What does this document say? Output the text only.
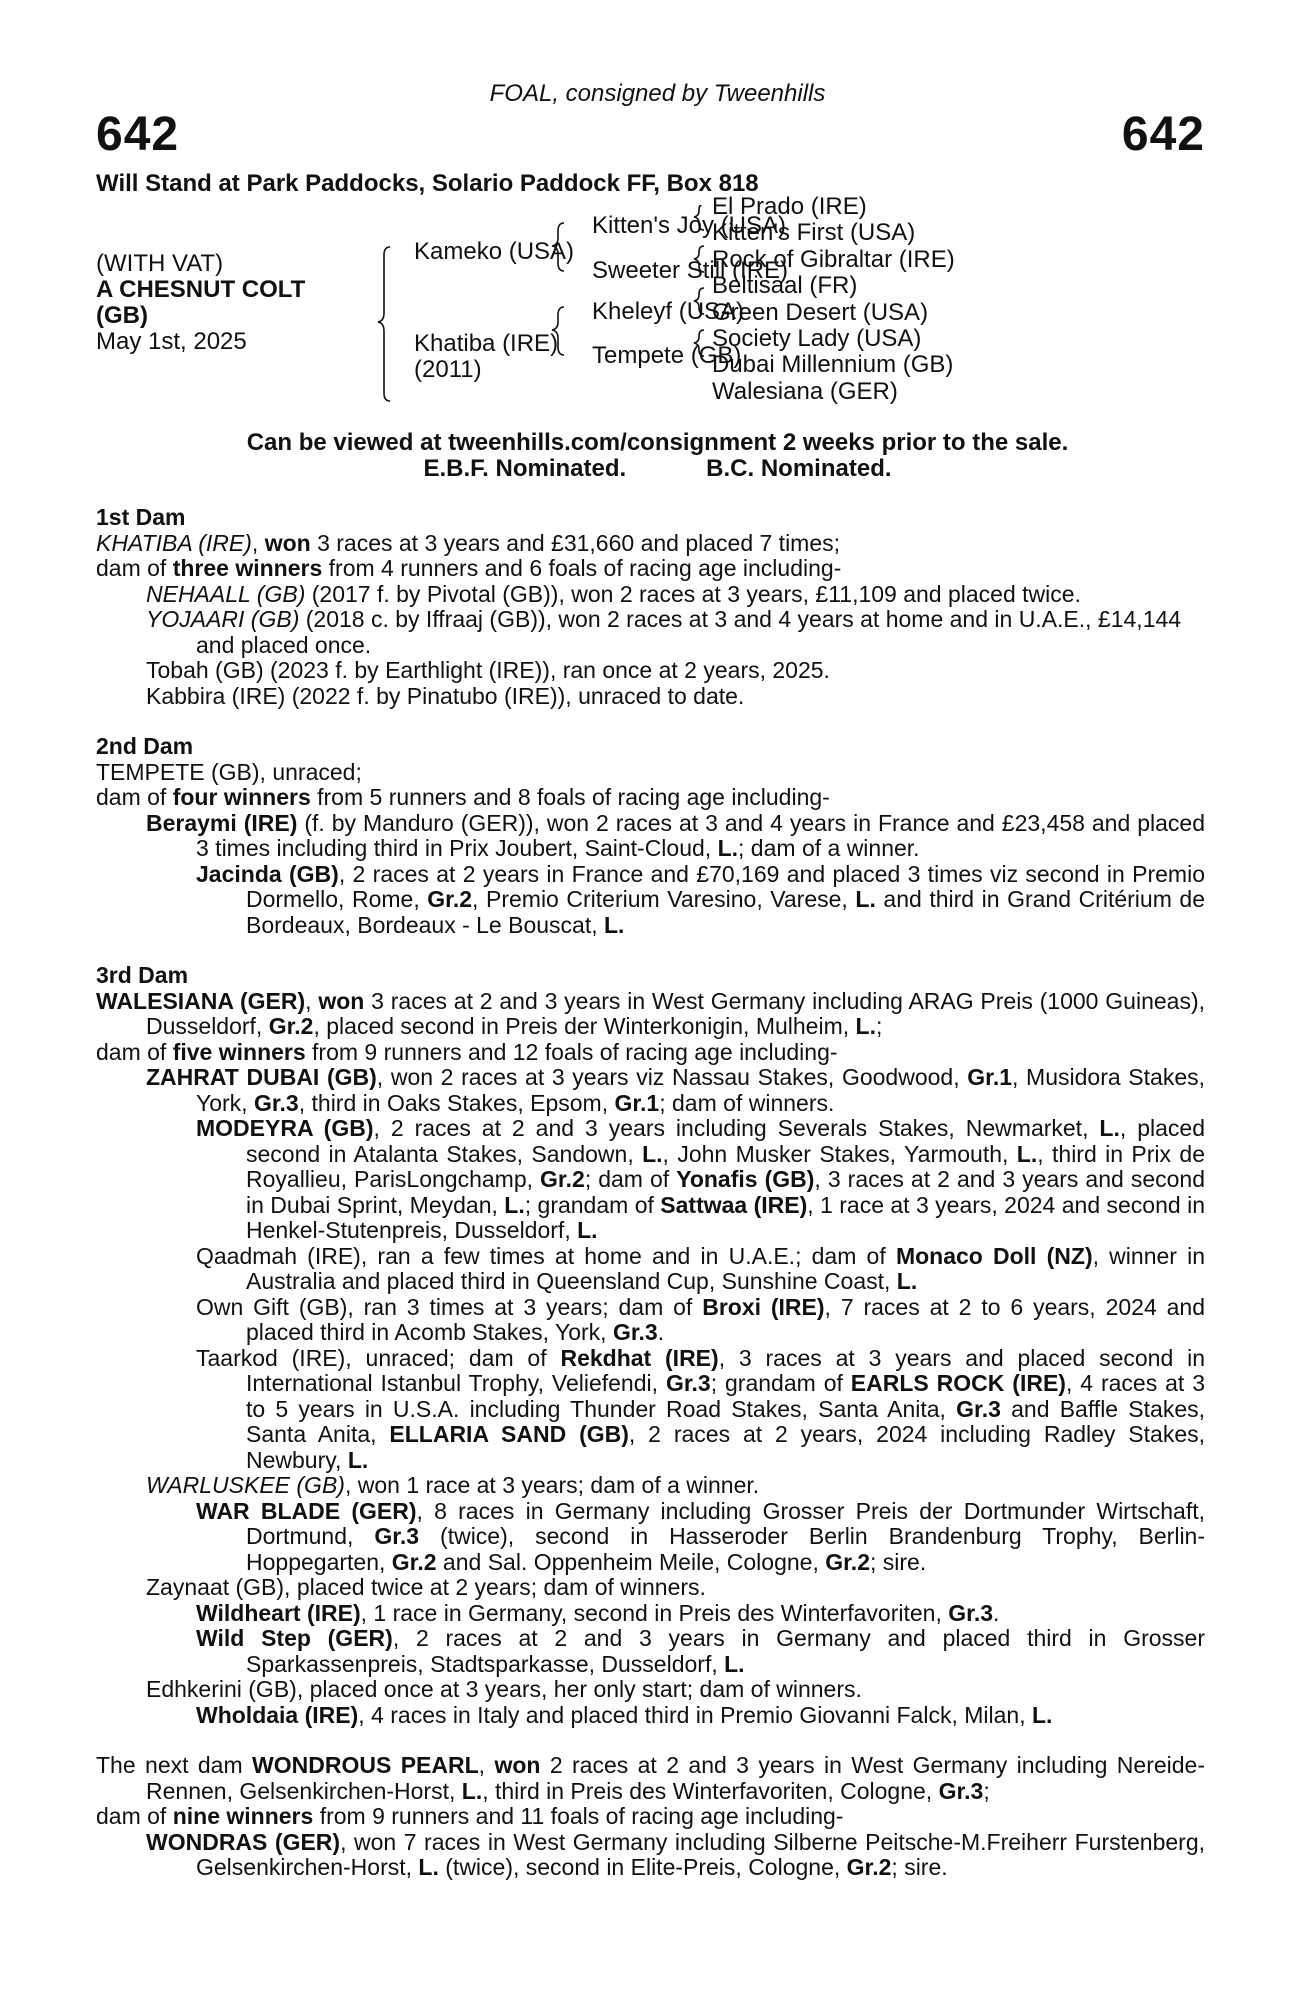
FOAL, consigned by Tweenhills
642	642
Will Stand at Park Paddocks, Solario Paddock FF, Box 818
(WITH VAT)
A CHESNUT COLT
(GB)
May 1st, 2025
Kameko (USA)
Khatiba (IRE)
(2011)
Kitten's Joy (USA)
Sweeter Still (IRE)
Kheleyf (USA)
Tempete (GB)
El Prado (IRE)
Kitten's First (USA)
Rock of Gibraltar (IRE)
Beltisaal (FR)
Green Desert (USA)
Society Lady (USA)
Dubai Millennium (GB)
Walesiana (GER)
Can be viewed at tweenhills.com/consignment 2 weeks prior to the sale.
E.B.F. Nominated.	B.C. Nominated.

1st Dam

KHATIBA (IRE), won 3 races at 3 years and £31,660 and placed 7 times;

dam of three winners from 4 runners and 6 foals of racing age including-

NEHAALL (GB) (2017 f. by Pivotal (GB)), won 2 races at 3 years, £11,109 and placed twice.

YOJAARI (GB) (2018 c. by Iffraaj (GB)), won 2 races at 3 and 4 years at home and in U.A.E., £14,144 and placed once.

Tobah (GB) (2023 f. by Earthlight (IRE)), ran once at 2 years, 2025.

Kabbira (IRE) (2022 f. by Pinatubo (IRE)), unraced to date.

2nd Dam

TEMPETE (GB), unraced;

dam of four winners from 5 runners and 8 foals of racing age including-

Beraymi (IRE) (f. by Manduro (GER)), won 2 races at 3 and 4 years in France and £23,458 and placed 3 times including third in Prix Joubert, Saint-Cloud, L.; dam of a winner.

Jacinda (GB), 2 races at 2 years in France and £70,169 and placed 3 times viz second in Premio Dormello, Rome, Gr.2, Premio Criterium Varesino, Varese, L. and third in Grand Critérium de Bordeaux, Bordeaux - Le Bouscat, L.

3rd Dam

WALESIANA (GER), won 3 races at 2 and 3 years in West Germany including ARAG Preis (1000 Guineas), Dusseldorf, Gr.2, placed second in Preis der Winterkonigin, Mulheim, L.;

dam of five winners from 9 runners and 12 foals of racing age including-

ZAHRAT DUBAI (GB), won 2 races at 3 years viz Nassau Stakes, Goodwood, Gr.1, Musidora Stakes, York, Gr.3, third in Oaks Stakes, Epsom, Gr.1; dam of winners.

MODEYRA (GB), 2 races at 2 and 3 years including Severals Stakes, Newmarket, L., placed second in Atalanta Stakes, Sandown, L., John Musker Stakes, Yarmouth, L., third in Prix de Royallieu, ParisLongchamp, Gr.2; dam of Yonafis (GB), 3 races at 2 and 3 years and second in Dubai Sprint, Meydan, L.; grandam of Sattwaa (IRE), 1 race at 3 years, 2024 and second in Henkel-Stutenpreis, Dusseldorf, L.

Qaadmah (IRE), ran a few times at home and in U.A.E.; dam of Monaco Doll (NZ), winner in Australia and placed third in Queensland Cup, Sunshine Coast, L.

Own Gift (GB), ran 3 times at 3 years; dam of Broxi (IRE), 7 races at 2 to 6 years, 2024 and placed third in Acomb Stakes, York, Gr.3.

Taarkod (IRE), unraced; dam of Rekdhat (IRE), 3 races at 3 years and placed second in International Istanbul Trophy, Veliefendi, Gr.3; grandam of EARLS ROCK (IRE), 4 races at 3 to 5 years in U.S.A. including Thunder Road Stakes, Santa Anita, Gr.3 and Baffle Stakes, Santa Anita, ELLARIA SAND (GB), 2 races at 2 years, 2024 including Radley Stakes, Newbury, L.

WARLUSKEE (GB), won 1 race at 3 years; dam of a winner.

WAR BLADE (GER), 8 races in Germany including Grosser Preis der Dortmunder Wirtschaft, Dortmund, Gr.3 (twice), second in Hasseroder Berlin Brandenburg Trophy, Berlin-Hoppegarten, Gr.2 and Sal. Oppenheim Meile, Cologne, Gr.2; sire.

Zaynaat (GB), placed twice at 2 years; dam of winners.

Wildheart (IRE), 1 race in Germany, second in Preis des Winterfavoriten, Gr.3.

Wild Step (GER), 2 races at 2 and 3 years in Germany and placed third in Grosser Sparkassenpreis, Stadtsparkasse, Dusseldorf, L.

Edhkerini (GB), placed once at 3 years, her only start; dam of winners.

Wholdaia (IRE), 4 races in Italy and placed third in Premio Giovanni Falck, Milan, L.

The next dam WONDROUS PEARL, won 2 races at 2 and 3 years in West Germany including Nereide-Rennen, Gelsenkirchen-Horst, L., third in Preis des Winterfavoriten, Cologne, Gr.3;

dam of nine winners from 9 runners and 11 foals of racing age including-

WONDRAS (GER), won 7 races in West Germany including Silberne Peitsche-M.Freiherr Furstenberg, Gelsenkirchen-Horst, L. (twice), second in Elite-Preis, Cologne, Gr.2; sire.
